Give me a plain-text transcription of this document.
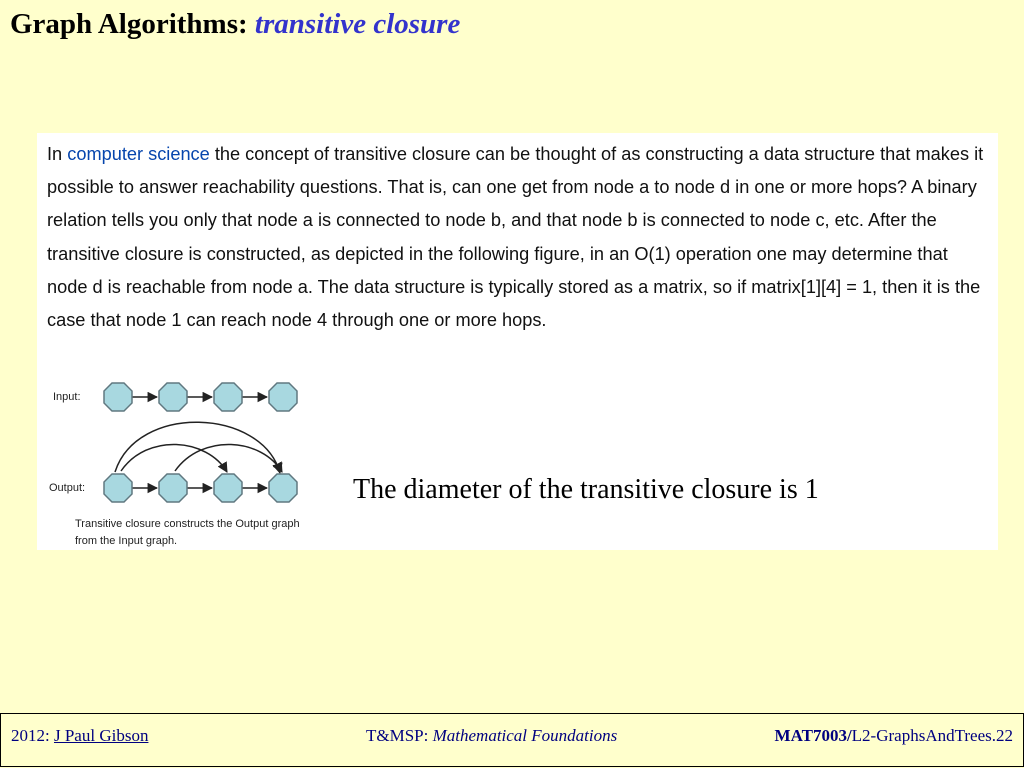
Graph Algorithms: transitive closure
In computer science the concept of transitive closure can be thought of as constructing a data structure that makes it possible to answer reachability questions. That is, can one get from node a to node d in one or more hops? A binary relation tells you only that node a is connected to node b, and that node b is connected to node c, etc. After the transitive closure is constructed, as depicted in the following figure, in an O(1) operation one may determine that node d is reachable from node a. The data structure is typically stored as a matrix, so if matrix[1][4] = 1, then it is the case that node 1 can reach node 4 through one or more hops.
Input:
Output:
Transitive closure constructs the Output graph from the Input graph.
The diameter of the transitive closure is 1
2012: J Paul Gibson	T&MSP: Mathematical Foundations	MAT7003/L2-GraphsAndTrees.22
